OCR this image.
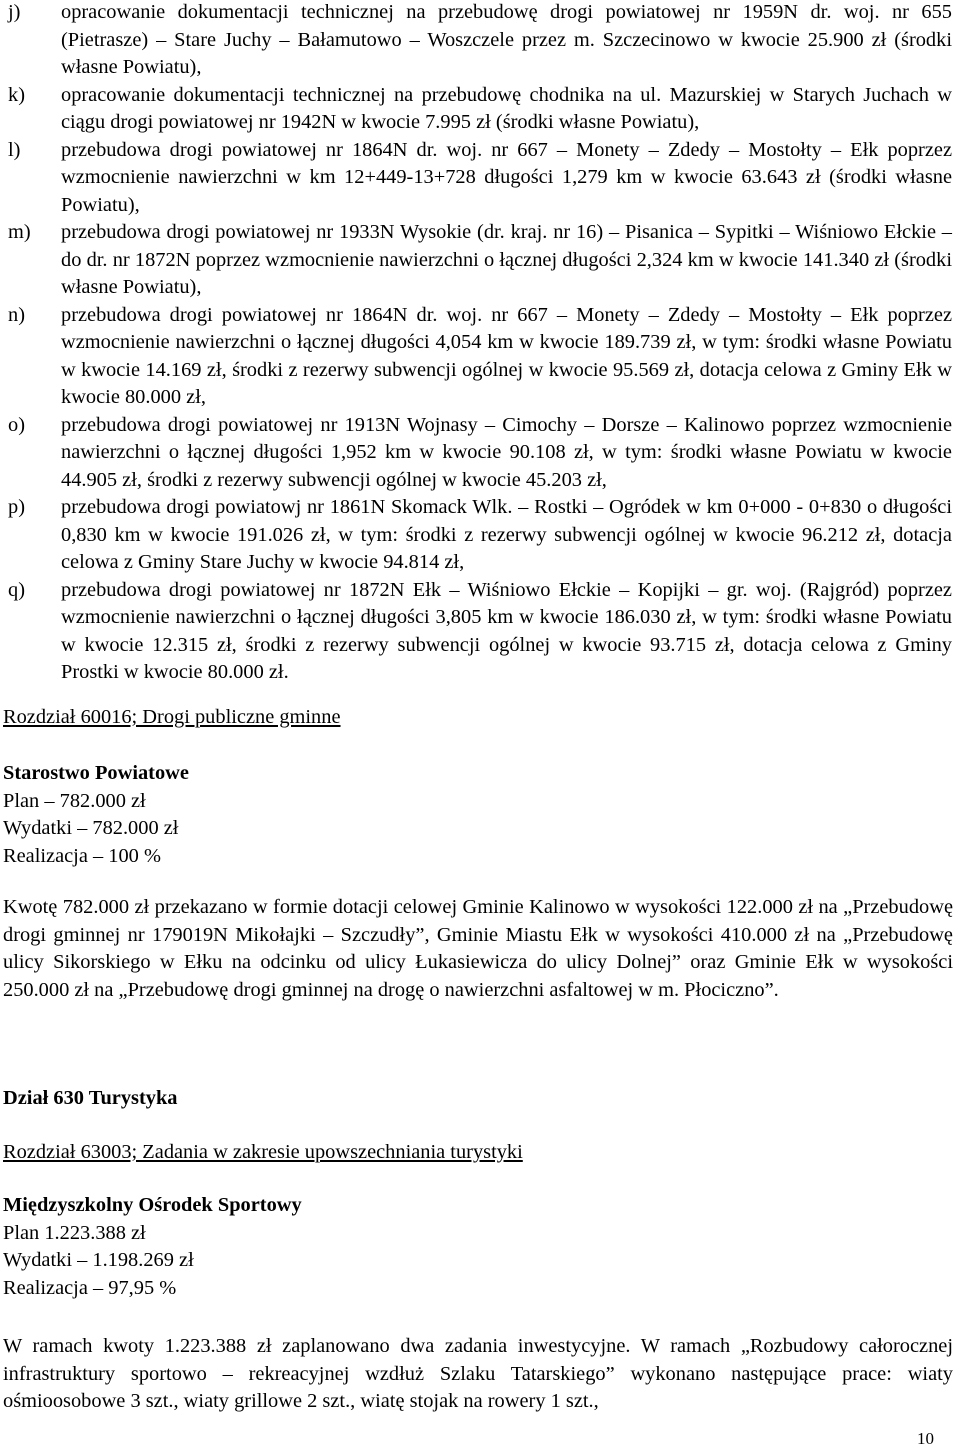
j) opracowanie dokumentacji technicznej na przebudowę drogi powiatowej nr 1959N dr. woj. nr 655 (Pietrasze) – Stare Juchy – Bałamutowo – Woszczele przez m. Szczecinowo w kwocie 25.900 zł (środki własne Powiatu),
k) opracowanie dokumentacji technicznej na przebudowę chodnika na ul. Mazurskiej w Starych Juchach w ciągu drogi powiatowej nr 1942N w kwocie 7.995 zł (środki własne Powiatu),
l) przebudowa drogi powiatowej nr 1864N dr. woj. nr 667 – Monety – Zdedy – Mostołty – Ełk poprzez wzmocnienie nawierzchni w km 12+449-13+728 długości 1,279 km w kwocie 63.643 zł (środki własne Powiatu),
m) przebudowa drogi powiatowej nr 1933N Wysokie (dr. kraj. nr 16) – Pisanica – Sypitki – Wiśniowo Ełckie – do dr. nr 1872N poprzez wzmocnienie nawierzchni o łącznej długości 2,324 km w kwocie 141.340 zł (środki własne Powiatu),
n) przebudowa drogi powiatowej nr 1864N dr. woj. nr 667 – Monety – Zdedy – Mostołty – Ełk poprzez wzmocnienie nawierzchni o łącznej długości 4,054 km w kwocie 189.739 zł, w tym: środki własne Powiatu w kwocie 14.169 zł, środki z rezerwy subwencji ogólnej w kwocie 95.569 zł, dotacja celowa z Gminy Ełk w kwocie 80.000 zł,
o) przebudowa drogi powiatowej nr 1913N Wojnasy – Cimochy – Dorsze – Kalinowo poprzez wzmocnienie nawierzchni o łącznej długości 1,952 km w kwocie 90.108 zł, w tym: środki własne Powiatu w kwocie 44.905 zł, środki z rezerwy subwencji ogólnej w kwocie 45.203 zł,
p) przebudowa drogi powiatowj nr 1861N Skomack Wlk. – Rostki – Ogródek w km 0+000 - 0+830 o długości 0,830 km w kwocie 191.026 zł, w tym: środki z rezerwy subwencji ogólnej w kwocie 96.212 zł, dotacja celowa z Gminy Stare Juchy w kwocie 94.814 zł,
q) przebudowa drogi powiatowej nr 1872N Ełk – Wiśniowo Ełckie – Kopijki – gr. woj. (Rajgród) poprzez wzmocnienie nawierzchni o łącznej długości 3,805 km w kwocie 186.030 zł, w tym: środki własne Powiatu w kwocie 12.315 zł, środki z rezerwy subwencji ogólnej w kwocie 93.715 zł, dotacja celowa z Gminy Prostki w kwocie 80.000 zł.
Rozdział 60016; Drogi publiczne gminne
Starostwo Powiatowe
Plan – 782.000 zł
Wydatki – 782.000 zł
Realizacja – 100 %
Kwotę 782.000 zł przekazano w formie dotacji celowej Gminie Kalinowo w wysokości 122.000 zł na „Przebudowę drogi gminnej nr 179019N Mikołajki – Szczudły”, Gminie Miastu Ełk w wysokości 410.000 zł na „Przebudowę ulicy Sikorskiego w Ełku na odcinku od ulicy Łukasiewicza do ulicy Dolnej” oraz Gminie Ełk w wysokości 250.000 zł na „Przebudowę drogi gminnej na drogę o nawierzchni asfaltowej w m. Płociczno”.
Dział 630 Turystyka
Rozdział 63003; Zadania w zakresie upowszechniania turystyki
Międzyszkolny Ośrodek Sportowy
Plan 1.223.388 zł
Wydatki – 1.198.269 zł
Realizacja – 97,95 %
W ramach kwoty 1.223.388 zł zaplanowano dwa zadania inwestycyjne. W ramach „Rozbudowy całorocznej infrastruktury sportowo – rekreacyjnej wzdłuż Szlaku Tatarskiego” wykonano następujące prace: wiaty ośmioosobowe 3 szt., wiaty grillowe 2 szt., wiatę stojak na rowery 1 szt.,
10
